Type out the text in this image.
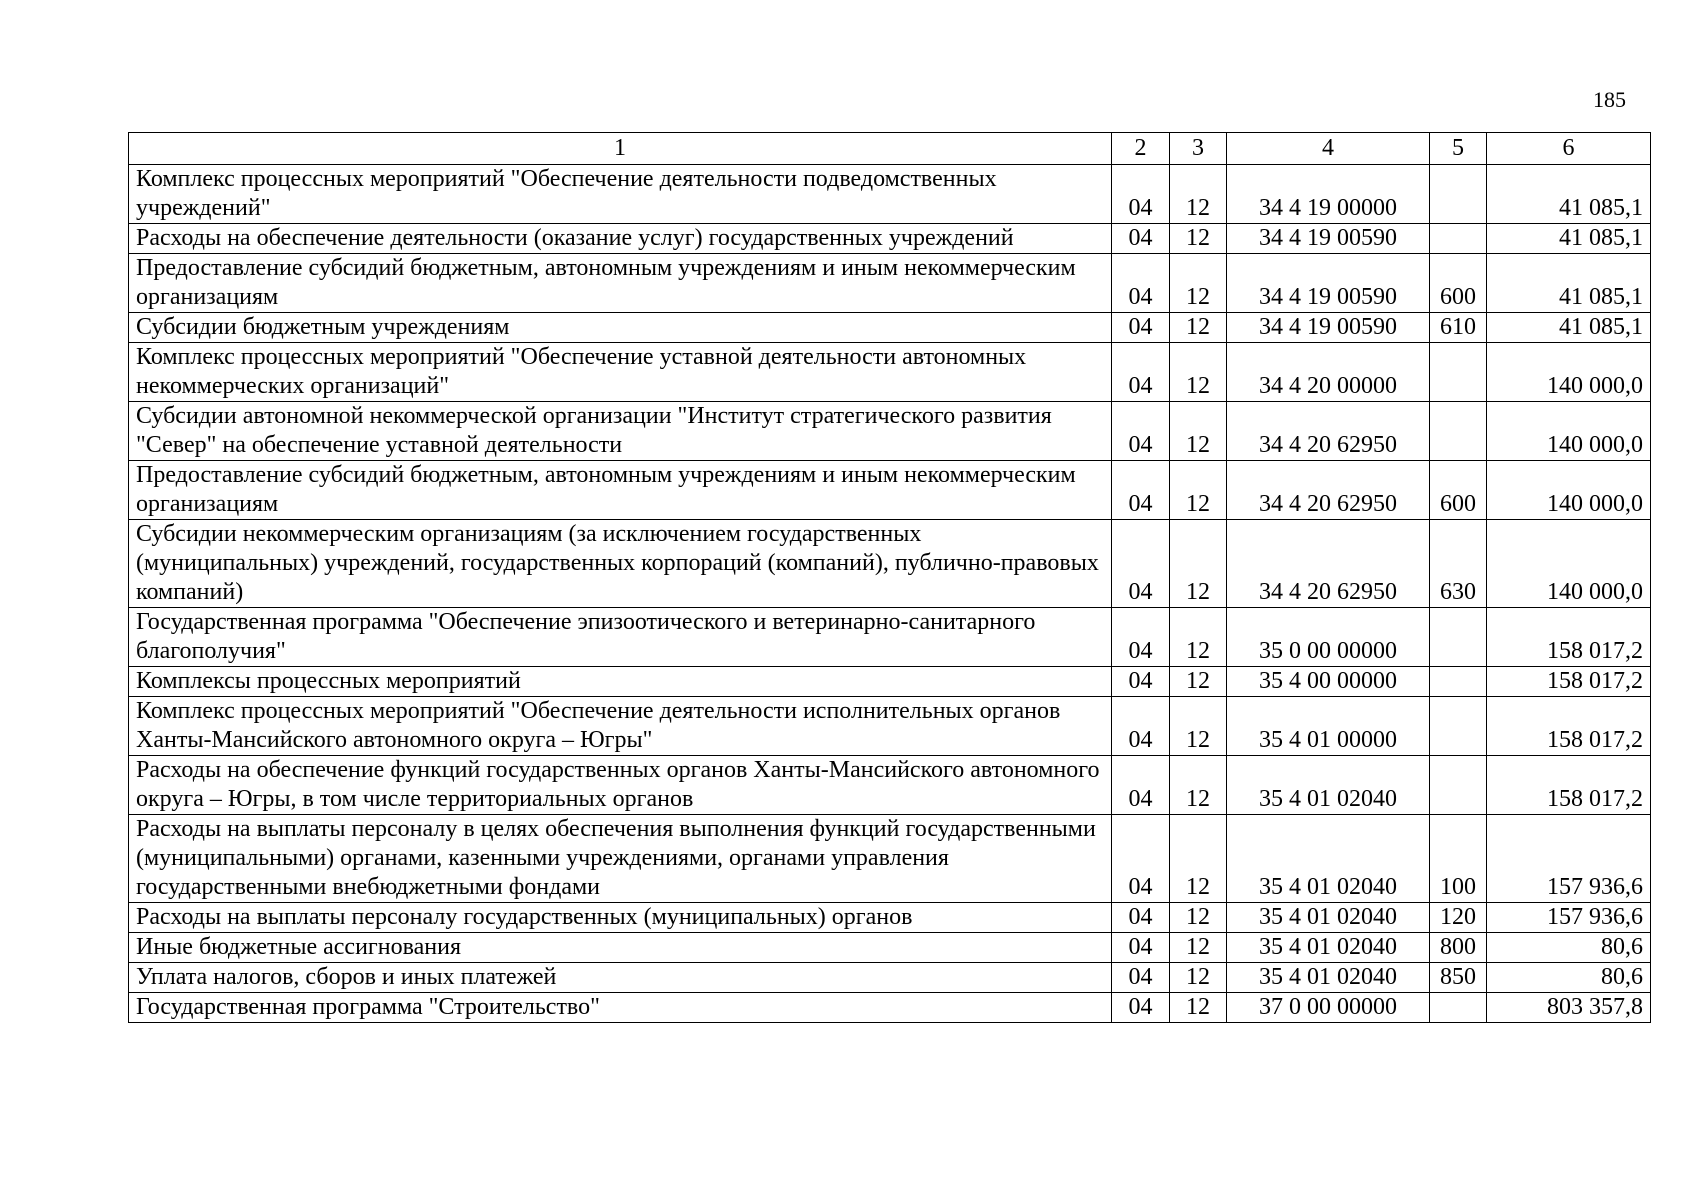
185
1	2	3	4	5	6
Комплекс процессных мероприятий "Обеспечение деятельности подведомственных учреждений"	04	12	34 4 19 00000		41 085,1
Расходы на обеспечение деятельности (оказание услуг) государственных учреждений	04	12	34 4 19 00590		41 085,1
Предоставление субсидий бюджетным, автономным учреждениям и иным некоммерческим организациям	04	12	34 4 19 00590	600	41 085,1
Субсидии бюджетным учреждениям	04	12	34 4 19 00590	610	41 085,1
Комплекс процессных мероприятий "Обеспечение уставной деятельности автономных некоммерческих организаций"	04	12	34 4 20 00000		140 000,0
Субсидии автономной некоммерческой организации "Институт стратегического развития "Север" на обеспечение уставной деятельности	04	12	34 4 20 62950		140 000,0
Предоставление субсидий бюджетным, автономным учреждениям и иным некоммерческим организациям	04	12	34 4 20 62950	600	140 000,0
Субсидии некоммерческим организациям (за исключением государственных (муниципальных) учреждений, государственных корпораций (компаний), публично-правовых компаний)	04	12	34 4 20 62950	630	140 000,0
Государственная программа "Обеспечение эпизоотического и ветеринарно-санитарного благополучия"	04	12	35 0 00 00000		158 017,2
Комплексы процессных мероприятий	04	12	35 4 00 00000		158 017,2
Комплекс процессных мероприятий "Обеспечение деятельности исполнительных органов Ханты-Мансийского автономного округа – Югры"	04	12	35 4 01 00000		158 017,2
Расходы на обеспечение функций государственных органов Ханты-Мансийского автономного округа – Югры, в том числе территориальных органов	04	12	35 4 01 02040		158 017,2
Расходы на выплаты персоналу в целях обеспечения выполнения функций государственными (муниципальными) органами, казенными учреждениями, органами управления государственными внебюджетными фондами	04	12	35 4 01 02040	100	157 936,6
Расходы на выплаты персоналу государственных (муниципальных) органов	04	12	35 4 01 02040	120	157 936,6
Иные бюджетные ассигнования	04	12	35 4 01 02040	800	80,6
Уплата налогов, сборов и иных платежей	04	12	35 4 01 02040	850	80,6
Государственная программа "Строительство"	04	12	37 0 00 00000		803 357,8
